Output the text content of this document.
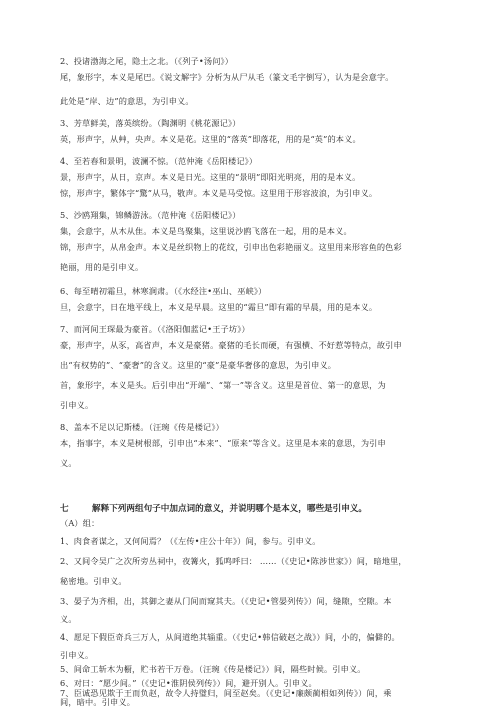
2、投诸渤海之尾，隐土之北。（《列子•汤问》）
尾，象形字，本义是尾巴。《说文解字》分析为从尸从毛（篆文毛字倒写），认为是会意字。
此处是“岸、边”的意思，为引申义。
3、芳草鲜美，落英缤纷。（陶渊明《桃花源记》）
英，形声字，从艸，央声。本义是花。这里的“落英”即落花，用的是“英”的本义。
4、至若春和景明，波澜不惊。（范仲淹《岳阳楼记》）
景，形声字，从日，京声。本义是日光。这里的“景明”即阳光明亮，用的是本义。
惊，形声字，繁体字“驚”从马，敬声。本义是马受惊。这里用于形容波浪，为引申义。
5、沙鸥翔集，锦鳞游泳。（范仲淹《岳阳楼记》）
集，会意字，从木从隹。本义是鸟聚集，这里说沙鸥飞落在一起，用的是本义。
锦，形声字，从帛金声。本义是丝织物上的花纹，引申出色彩艳丽义。这里用来形容鱼的色彩
艳丽，用的是引申义。
6、每至晴初霜旦，林寒涧肃。（《水经注•巫山、巫峡》）
旦，会意字，日在地平线上，本义是早晨。这里的“霜旦”即有霜的早晨，用的是本义。
7、而河间王琛最为豪首。（《洛阳伽蓝记•王子坊》）
豪，形声字，从豕，高省声，本义是豪猪。豪猪的毛长而硬，有强横、不好惹等特点，故引申
出“有权势的”、“豪奢”的含义。这里的“豪”是豪华奢侈的意思，为引申义。
首，象形字，本义是头。后引申出“开端”、“第一”等含义。这里是首位、第一的意思，为
引申义。
8、盖本不足以记斯楼。（汪琬《传是楼记》）
本，指事字，本义是树根部，引申出“本来”、“原来”等含义。这里是本来的意思，为引申
义。
七	解释下列两组句子中加点词的意义，并说明哪个是本义，哪些是引申义。
（A）组：
1、肉食者谋之，又何间焉？（《左传•庄公十年》）间，参与。引申义。
2、又间令吴广之次所旁丛祠中，夜篝火，狐鸣呼曰： ……（《史记•陈涉世家》）间，暗地里，
秘密地。引申义。
3、晏子为齐相，出，其御之妻从门间而窥其夫。（《史记•管晏列传》）间，缝隙，空隙。本
义。
4、愿足下假臣奇兵三万人，从间道绝其辎重。（《史记•韩信破赵之战》）间，小的，偏僻的。
引申义。
5、间命工斩木为橱，贮书若干万卷。（汪琬《传是楼记》）间，隔些时候。引申义。
6、对曰：“愿少间。”（《史记•淮阴侯列传》）间，避开别人。引申义。
7、臣诚恐见欺于王而负赵，故令人持璧归，间至赵矣。（《史记•廉颇蔺相如列传》）间，乘
间，暗中。引申义。
